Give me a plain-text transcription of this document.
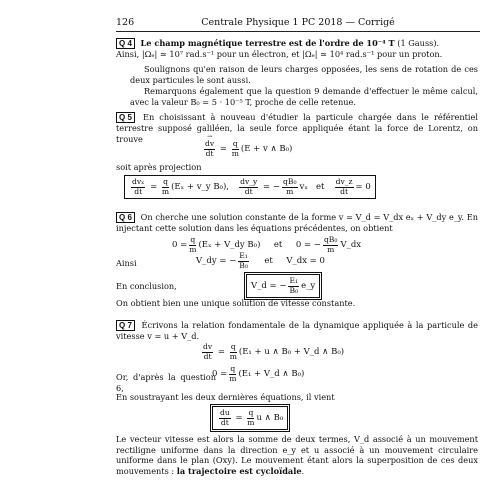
126	Centrale Physique 1 PC 2018 — Corrigé
Q 4 Le champ magnétique terrestre est de l'ordre de 10⁻⁴ T (1 Gauss).
Ainsi, |Ωₑ| ≃ 10⁷ rad.s⁻¹ pour un électron, et |Ωₑ| ≃ 10⁴ rad.s⁻¹ pour un proton.
Soulignons qu'en raison de leurs charges opposées, les sens de rotation de ces deux particules le sont aussi.
Remarquons également que la question 9 demande d'effectuer le même calcul, avec la valeur B₀ = 5 · 10⁻⁵ T, proche de celle retenue.
Q 5 En choisissant à nouveau d'étudier la particule chargée dans le référentiel terrestre supposé galiléen, la seule force appliquée étant la force de Lorentz, on trouve
→ $\frac{dv}{dt} = \frac{q}{m} (E + v$ ∧ B₀)
soit après projection
$\frac{\text{dvₓ}}{dt} = \frac{q}{m} (E_x$ + v_y B₀),
$\frac{dv\_y}{dt}$ = − $\frac{\text{qB₀}}{m}$ vₓ
et
$\frac{dv\_z}{dt} = 0$
Q 6 On cherche une solution constante de la forme v = V_d = V_dx eₓ + V_dy e_y. En injectant cette solution dans les équations précédentes, on obtient
$0 = \frac{q}{m} (E_x$ + V_dy B₀)
et
0 = − $\frac{\text{qB₀}}{m}$ V_dx
Ainsi	V_dy = − $\frac{\text{E₁}}{\text{B₀}}$
et
V_dx = 0
En conclusion,	V_d = − $\frac{\text{E₁}}{\text{B₀}}$ e_y
On obtient bien une unique solution de vitesse constante.
Q 7 Écrivons la relation fondamentale de la dynamique appliquée à la particule de vitesse v = u + V_d.
$\frac{dv}{dt} = \frac{q}{m} (E_1 + u$ ∧ B₀ + V_d ∧ B₀)
Or, d'après la question 6,
$0 = \frac{q}{m} (E_1$ + V_d ∧ B₀)
En soustrayant les deux dernières équations, il vient
$\frac{du}{dt} = \frac{q}{m}$ u ∧ B₀
Le vecteur vitesse est alors la somme de deux termes, V_d associé à un mouvement rectiligne uniforme dans la direction e_y et u associé à un mouvement circulaire uniforme dans le plan (Oxy). Le mouvement étant alors la superposition de ces deux mouvements : la trajectoire est cycloïdale.
